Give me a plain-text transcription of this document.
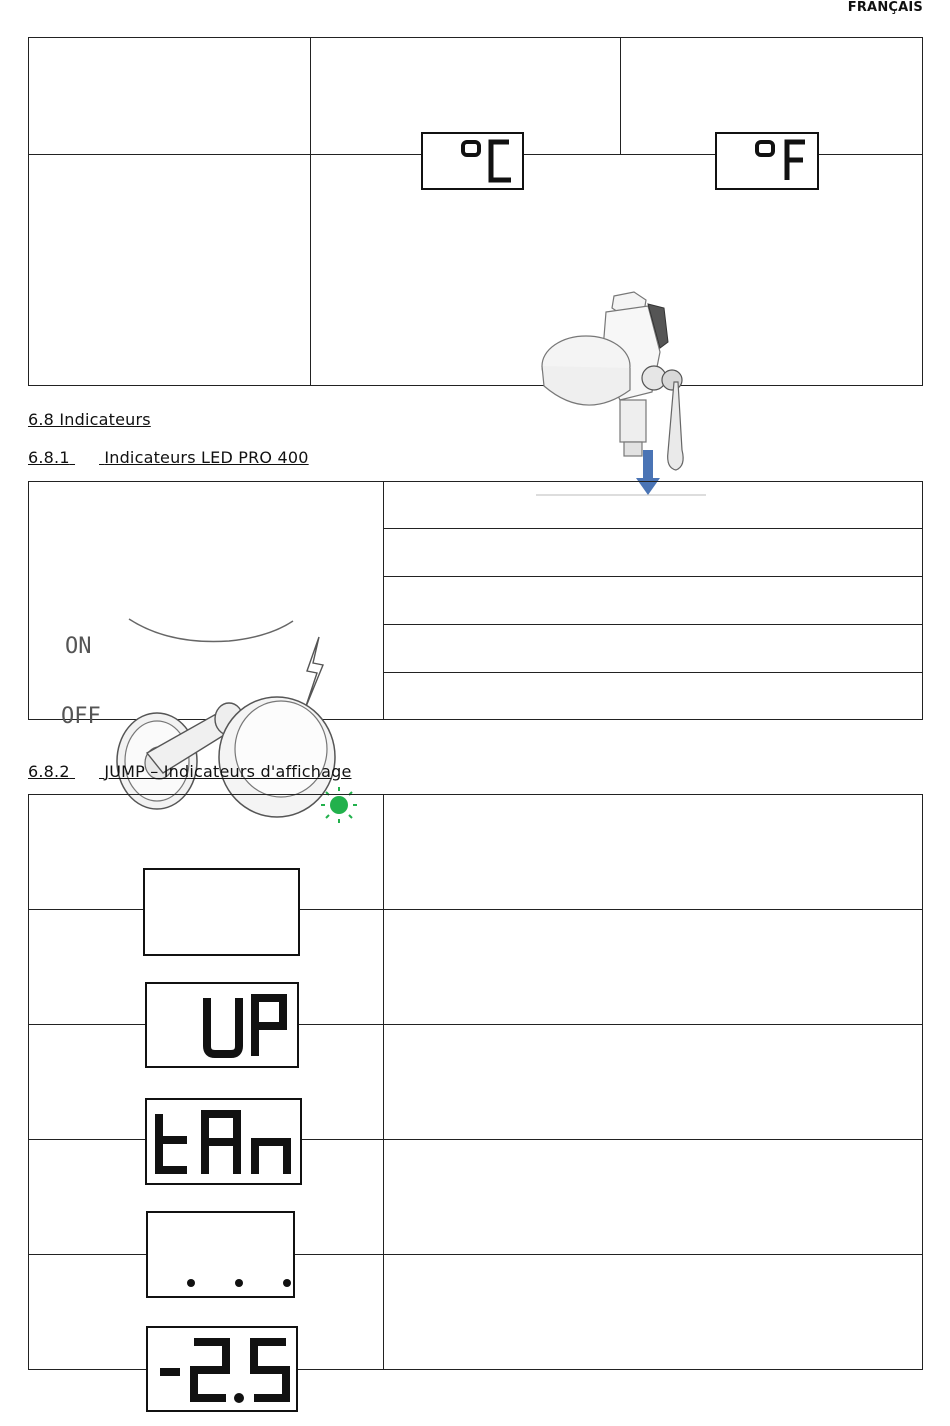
FRANÇAIS

6.8 Indicateurs
6.8.1 Indicateurs LED PRO 400
ON
OFF

6.8.2 JUMP – Indicateurs d'affichage
